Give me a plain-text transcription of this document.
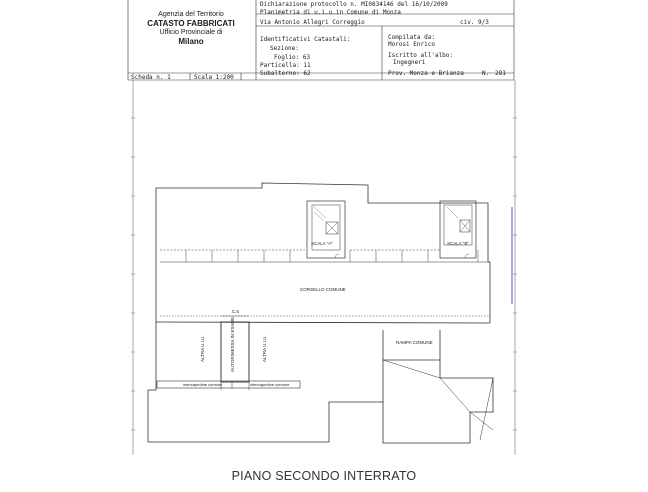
Agenzia del Territorio
CATASTO FABBRICATI
Ufficio Provinciale di
Milano
Dichiarazione protocollo n. MI0834146 del 16/10/2009
Planimetria di u.i.u.in Comune di Monza
Via Antonio Allegri Correggio	civ. 9/3
Identificativi Catastali:
Sezione:
Foglio: 63
Particella: 11
Subalterno: 62
Compilata da:
Morosi Enrico
Iscritto all'albo:
Ingegneri
Prov. Monza e Brianza	N. 281
Scheda n. 1	Scala 1:200
SCALA "A"	SCALA "B"
CORSELLO COMUNE
RAMPA COMUNE
C.5
ALTRA U.I.U.	AUTORIMESSA IN ESAME	ALTRA U.I.U.
intercapedine comune	intercapedine comune
PIANO SECONDO INTERRATO
